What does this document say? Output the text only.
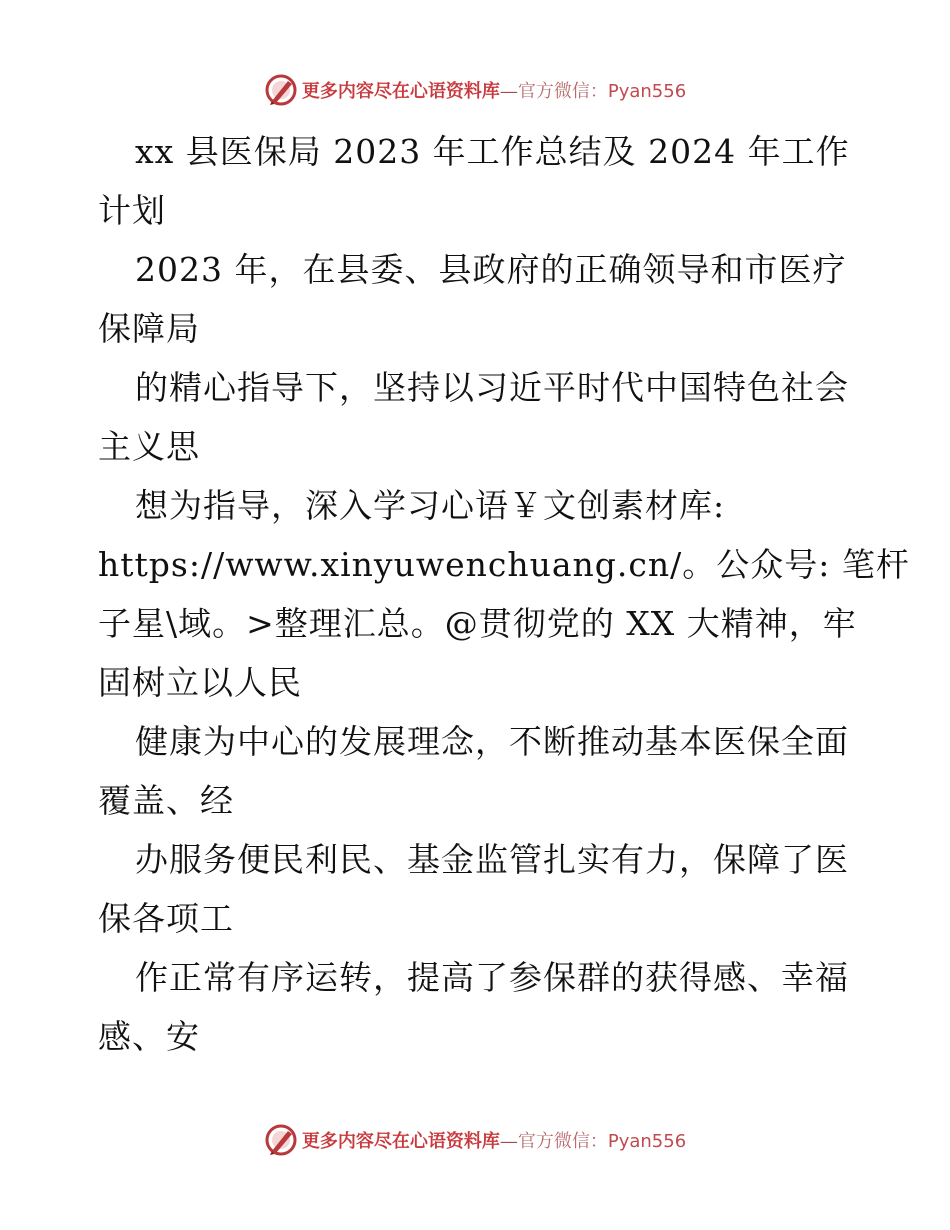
更多内容尽在心语资料库—官方微信：Pyan556
xx 县医保局 2023 年工作总结及 2024 年工作
计划
2023 年，在县委、县政府的正确领导和市医疗
保障局
的精心指导下，坚持以习近平时代中国特色社会
主义思
想为指导，深入学习心语￥文创素材库:
https://www.xinyuwenchuang.cn/。公众号: 笔杆
子星\域。>整理汇总。@贯彻党的 XX 大精神，牢
固树立以人民
健康为中心的发展理念，不断推动基本医保全面
覆盖、经
办服务便民利民、基金监管扎实有力，保障了医
保各项工
作正常有序运转，提高了参保群的获得感、幸福
感、安
更多内容尽在心语资料库—官方微信：Pyan556
